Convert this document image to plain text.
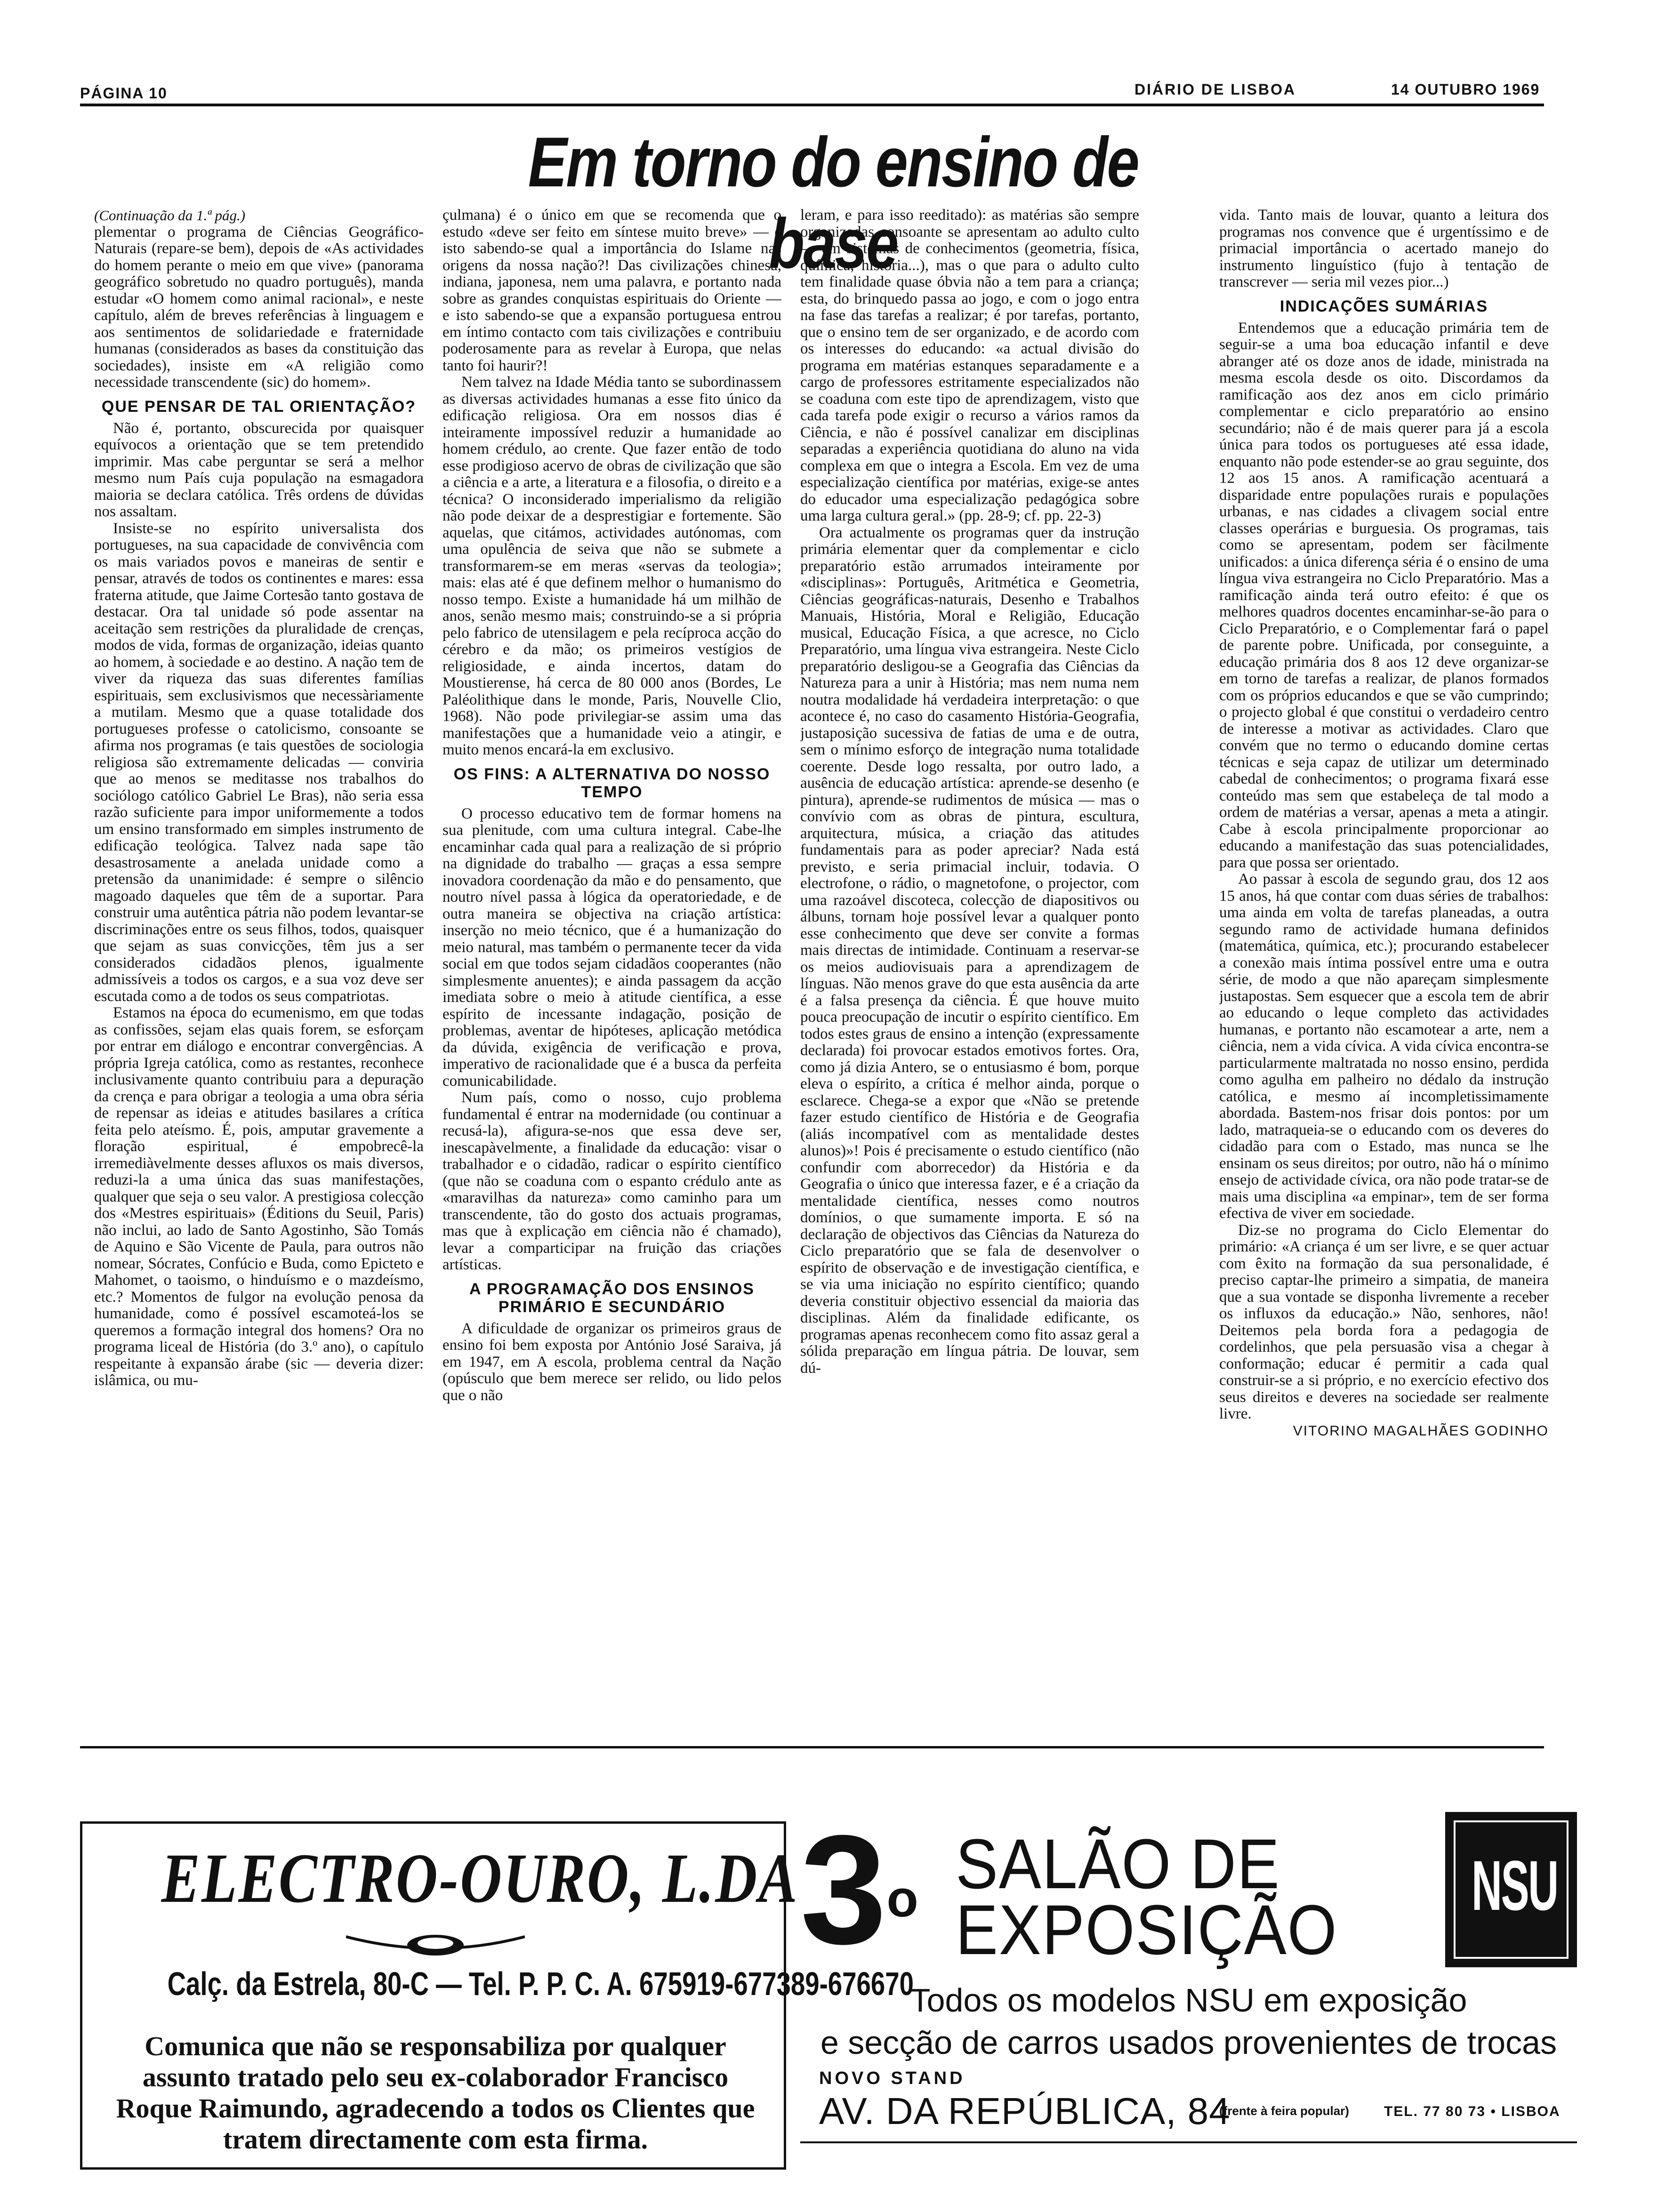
PÁGINA 10	DIÁRIO DE LISBOA	14 OUTUBRO 1969
Em torno do ensino de base

(Continuação da 1.ª pág.)

plementar o programa de Ciências Geográfico-Naturais (repare-se bem), depois de «As actividades do homem perante o meio em que vive» (panorama geográfico sobretudo no quadro português), manda estudar «O homem como animal racional», e neste capítulo, além de breves referências à linguagem e aos sentimentos de solidariedade e fraternidade humanas (considerados as bases da constituição das sociedades), insiste em «A religião como necessidade transcendente (sic) do homem».

QUE PENSAR DE TAL ORIENTAÇÃO?

Não é, portanto, obscurecida por quaisquer equívocos a orientação que se tem pretendido imprimir. Mas cabe perguntar se será a melhor mesmo num País cuja população na esmagadora maioria se declara católica. Três ordens de dúvidas nos assaltam.

Insiste-se no espírito universalista dos portugueses, na sua capacidade de convivência com os mais variados povos e maneiras de sentir e pensar, através de todos os continentes e mares: essa fraterna atitude, que Jaime Cortesão tanto gostava de destacar. Ora tal unidade só pode assentar na aceitação sem restrições da pluralidade de crenças, modos de vida, formas de organização, ideias quanto ao homem, à sociedade e ao destino. A nação tem de viver da riqueza das suas diferentes famílias espirituais, sem exclusivismos que necessàriamente a mutilam. Mesmo que a quase totalidade dos portugueses professe o catolicismo, consoante se afirma nos programas (e tais questões de sociologia religiosa são extremamente delicadas — conviria que ao menos se meditasse nos trabalhos do sociólogo católico Gabriel Le Bras), não seria essa razão suficiente para impor uniformemente a todos um ensino transformado em simples instrumento de edificação teológica. Talvez nada sape tão desastrosamente a anelada unidade como a pretensão da unanimidade: é sempre o silêncio magoado daqueles que têm de a suportar. Para construir uma autêntica pátria não podem levantar-se discriminações entre os seus filhos, todos, quaisquer que sejam as suas convicções, têm jus a ser considerados cidadãos plenos, igualmente admissíveis a todos os cargos, e a sua voz deve ser escutada como a de todos os seus compatriotas.

Estamos na época do ecumenismo, em que todas as confissões, sejam elas quais forem, se esforçam por entrar em diálogo e encontrar convergências. A própria Igreja católica, como as restantes, reconhece inclusivamente quanto contribuiu para a depuração da crença e para obrigar a teologia a uma obra séria de repensar as ideias e atitudes basilares a crítica feita pelo ateísmo. É, pois, amputar gravemente a floração espiritual, é empobrecê-la irremediàvelmente desses afluxos os mais diversos, reduzi-la a uma única das suas manifestações, qualquer que seja o seu valor. A prestigiosa colecção dos «Mestres espirituais» (Éditions du Seuil, Paris) não inclui, ao lado de Santo Agostinho, São Tomás de Aquino e São Vicente de Paula, para outros não nomear, Sócrates, Confúcio e Buda, como Epicteto e Mahomet, o taoismo, o hinduísmo e o mazdeísmo, etc.? Momentos de fulgor na evolução penosa da humanidade, como é possível escamoteá-los se queremos a formação integral dos homens? Ora no programa liceal de História (do 3.º ano), o capítulo respeitante à expansão árabe (sic — deveria dizer: islâmica, ou mu-

çulmana) é o único em que se recomenda que o estudo «deve ser feito em síntese muito breve» — e isto sabendo-se qual a importância do Islame nas origens da nossa nação?! Das civilizações chinesa, indiana, japonesa, nem uma palavra, e portanto nada sobre as grandes conquistas espirituais do Oriente — e isto sabendo-se que a expansão portuguesa entrou em íntimo contacto com tais civilizações e contribuiu poderosamente para as revelar à Europa, que nelas tanto foi haurir?!

Nem talvez na Idade Média tanto se subordinassem as diversas actividades humanas a esse fito único da edificação religiosa. Ora em nossos dias é inteiramente impossível reduzir a humanidade ao homem crédulo, ao crente. Que fazer então de todo esse prodigioso acervo de obras de civilização que são a ciência e a arte, a literatura e a filosofia, o direito e a técnica? O inconsiderado imperialismo da religião não pode deixar de a desprestigiar e fortemente. São aquelas, que citámos, actividades autónomas, com uma opulência de seiva que não se submete a transformarem-se em meras «servas da teologia»; mais: elas até é que definem melhor o humanismo do nosso tempo. Existe a humanidade há um milhão de anos, senão mesmo mais; construindo-se a si própria pelo fabrico de utensilagem e pela recíproca acção do cérebro e da mão; os primeiros vestígios de religiosidade, e ainda incertos, datam do Moustierense, há cerca de 80 000 anos (Bordes, Le Paléolithique dans le monde, Paris, Nouvelle Clio, 1968). Não pode privilegiar-se assim uma das manifestações que a humanidade veio a atingir, e muito menos encará-la em exclusivo.

OS FINS: A ALTERNATIVA DO NOSSO TEMPO

O processo educativo tem de formar homens na sua plenitude, com uma cultura integral. Cabe-lhe encaminhar cada qual para a realização de si próprio na dignidade do trabalho — graças a essa sempre inovadora coordenação da mão e do pensamento, que noutro nível passa à lógica da operatoriedade, e de outra maneira se objectiva na criação artística: inserção no meio técnico, que é a humanização do meio natural, mas também o permanente tecer da vida social em que todos sejam cidadãos cooperantes (não simplesmente anuentes); e ainda passagem da acção imediata sobre o meio à atitude científica, a esse espírito de incessante indagação, posição de problemas, aventar de hipóteses, aplicação metódica da dúvida, exigência de verificação e prova, imperativo de racionalidade que é a busca da perfeita comunicabilidade.

Num país, como o nosso, cujo problema fundamental é entrar na modernidade (ou continuar a recusá-la), afigura-se-nos que essa deve ser, inescapàvelmente, a finalidade da educação: visar o trabalhador e o cidadão, radicar o espírito científico (que não se coaduna com o espanto crédulo ante as «maravilhas da natureza» como caminho para um transcendente, tão do gosto dos actuais programas, mas que à explicação em ciência não é chamado), levar a comparticipar na fruição das criações artísticas.

A PROGRAMAÇÃO DOS ENSINOS PRIMÁRIO E SECUNDÁRIO

A dificuldade de organizar os primeiros graus de ensino foi bem exposta por António José Saraiva, já em 1947, em A escola, problema central da Nação (opúsculo que bem merece ser relido, ou lido pelos que o não

leram, e para isso reeditado): as matérias são sempre organizadas consoante se apresentam ao adulto culto — em sistemas de conhecimentos (geometria, física, química, história...), mas o que para o adulto culto tem finalidade quase óbvia não a tem para a criança; esta, do brinquedo passa ao jogo, e com o jogo entra na fase das tarefas a realizar; é por tarefas, portanto, que o ensino tem de ser organizado, e de acordo com os interesses do educando: «a actual divisão do programa em matérias estanques separadamente e a cargo de professores estritamente especializados não se coaduna com este tipo de aprendizagem, visto que cada tarefa pode exigir o recurso a vários ramos da Ciência, e não é possível canalizar em disciplinas separadas a experiência quotidiana do aluno na vida complexa em que o integra a Escola. Em vez de uma especialização científica por matérias, exige-se antes do educador uma especialização pedagógica sobre uma larga cultura geral.» (pp. 28-9; cf. pp. 22-3)

Ora actualmente os programas quer da instrução primária elementar quer da complementar e ciclo preparatório estão arrumados inteiramente por «disciplinas»: Português, Aritmética e Geometria, Ciências geográficas-naturais, Desenho e Trabalhos Manuais, História, Moral e Religião, Educação musical, Educação Física, a que acresce, no Ciclo Preparatório, uma língua viva estrangeira. Neste Ciclo preparatório desligou-se a Geografia das Ciências da Natureza para a unir à História; mas nem numa nem noutra modalidade há verdadeira interpretação: o que acontece é, no caso do casamento História-Geografia, justaposição sucessiva de fatias de uma e de outra, sem o mínimo esforço de integração numa totalidade coerente. Desde logo ressalta, por outro lado, a ausência de educação artística: aprende-se desenho (e pintura), aprende-se rudimentos de música — mas o convívio com as obras de pintura, escultura, arquitectura, música, a criação das atitudes fundamentais para as poder apreciar? Nada está previsto, e seria primacial incluir, todavia. O electrofone, o rádio, o magnetofone, o projector, com uma razoável discoteca, colecção de diapositivos ou álbuns, tornam hoje possível levar a qualquer ponto esse conhecimento que deve ser convite a formas mais directas de intimidade. Continuam a reservar-se os meios audiovisuais para a aprendizagem de línguas. Não menos grave do que esta ausência da arte é a falsa presença da ciência. É que houve muito pouca preocupação de incutir o espírito científico. Em todos estes graus de ensino a intenção (expressamente declarada) foi provocar estados emotivos fortes. Ora, como já dizia Antero, se o entusiasmo é bom, porque eleva o espírito, a crítica é melhor ainda, porque o esclarece. Chega-se a expor que «Não se pretende fazer estudo científico de História e de Geografia (aliás incompatível com as mentalidade destes alunos)»! Pois é precisamente o estudo científico (não confundir com aborrecedor) da História e da Geografia o único que interessa fazer, e é a criação da mentalidade científica, nesses como noutros domínios, o que sumamente importa. E só na declaração de objectivos das Ciências da Natureza do Ciclo preparatório que se fala de desenvolver o espírito de observação e de investigação científica, e se via uma iniciação no espírito científico; quando deveria constituir objectivo essencial da maioria das disciplinas. Além da finalidade edificante, os programas apenas reconhecem como fito assaz geral a sólida preparação em língua pátria. De louvar, sem dú-

vida. Tanto mais de louvar, quanto a leitura dos programas nos convence que é urgentíssimo e de primacial importância o acertado manejo do instrumento linguístico (fujo à tentação de transcrever — seria mil vezes pior...)

INDICAÇÕES SUMÁRIAS

Entendemos que a educação primária tem de seguir-se a uma boa educação infantil e deve abranger até os doze anos de idade, ministrada na mesma escola desde os oito. Discordamos da ramificação aos dez anos em ciclo primário complementar e ciclo preparatório ao ensino secundário; não é de mais querer para já a escola única para todos os portugueses até essa idade, enquanto não pode estender-se ao grau seguinte, dos 12 aos 15 anos. A ramificação acentuará a disparidade entre populações rurais e populações urbanas, e nas cidades a clivagem social entre classes operárias e burguesia. Os programas, tais como se apresentam, podem ser fàcilmente unificados: a única diferença séria é o ensino de uma língua viva estrangeira no Ciclo Preparatório. Mas a ramificação ainda terá outro efeito: é que os melhores quadros docentes encaminhar-se-ão para o Ciclo Preparatório, e o Complementar fará o papel de parente pobre. Unificada, por conseguinte, a educação primária dos 8 aos 12 deve organizar-se em torno de tarefas a realizar, de planos formados com os próprios educandos e que se vão cumprindo; o projecto global é que constitui o verdadeiro centro de interesse a motivar as actividades. Claro que convém que no termo o educando domine certas técnicas e seja capaz de utilizar um determinado cabedal de conhecimentos; o programa fixará esse conteúdo mas sem que estabeleça de tal modo a ordem de matérias a versar, apenas a meta a atingir. Cabe à escola principalmente proporcionar ao educando a manifestação das suas potencialidades, para que possa ser orientado.

Ao passar à escola de segundo grau, dos 12 aos 15 anos, há que contar com duas séries de trabalhos: uma ainda em volta de tarefas planeadas, a outra segundo ramo de actividade humana definidos (matemática, química, etc.); procurando estabelecer a conexão mais íntima possível entre uma e outra série, de modo a que não apareçam simplesmente justapostas. Sem esquecer que a escola tem de abrir ao educando o leque completo das actividades humanas, e portanto não escamotear a arte, nem a ciência, nem a vida cívica. A vida cívica encontra-se particularmente maltratada no nosso ensino, perdida como agulha em palheiro no dédalo da instrução católica, e mesmo aí incompletissimamente abordada. Bastem-nos frisar dois pontos: por um lado, matraqueia-se o educando com os deveres do cidadão para com o Estado, mas nunca se lhe ensinam os seus direitos; por outro, não há o mínimo ensejo de actividade cívica, ora não pode tratar-se de mais uma disciplina «a empinar», tem de ser forma efectiva de viver em sociedade.

Diz-se no programa do Ciclo Elementar do primário: «A criança é um ser livre, e se quer actuar com êxito na formação da sua personalidade, é preciso captar-lhe primeiro a simpatia, de maneira que a sua vontade se disponha livremente a receber os influxos da educação.» Não, senhores, não! Deitemos pela borda fora a pedagogia de cordelinhos, que pela persuasão visa a chegar à conformação; educar é permitir a cada qual construir-se a si próprio, e no exercício efectivo dos seus direitos e deveres na sociedade ser realmente livre.

VITORINO MAGALHÃES GODINHO

ELECTRO-OURO, L.DA
Calç. da Estrela, 80-C — Tel. P. P. C. A. 675919-677389-676670
Comunica que não se responsabiliza por qualquer assunto tratado pelo seu ex-colaborador Francisco Roque Raimundo, agradecendo a todos os Clientes que tratem directamente com esta firma.
3$^o$ SALÃO DE
EXPOSIÇÃO
NSU
Todos os modelos NSU em exposição
e secção de carros usados provenientes de trocas
NOVO STAND
AV. DA REPÚBLICA, 84
(frente à feira popular) TEL. 77 80 73 • LISBOA
